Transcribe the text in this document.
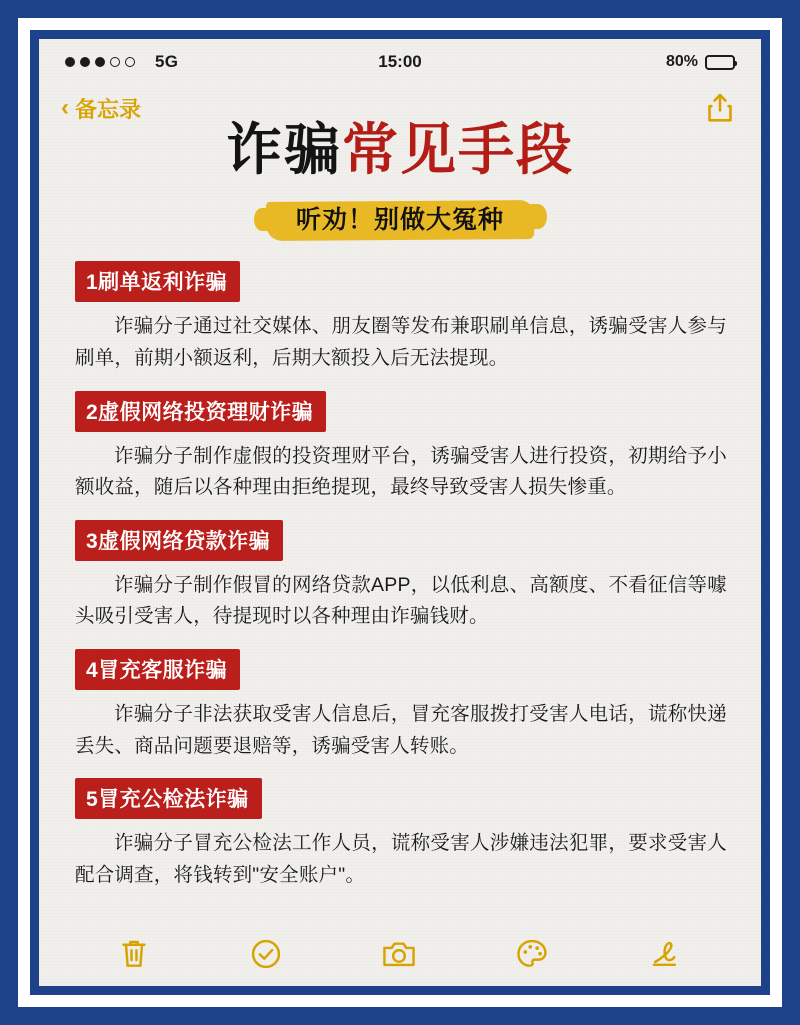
5G	15:00	80%
‹ 备忘录
诈骗常见手段
听劝！别做大冤种
1刷单返利诈骗
诈骗分子通过社交媒体、朋友圈等发布兼职刷单信息，诱骗受害人参与刷单，前期小额返利，后期大额投入后无法提现。
2虚假网络投资理财诈骗
诈骗分子制作虚假的投资理财平台，诱骗受害人进行投资，初期给予小额收益，随后以各种理由拒绝提现，最终导致受害人损失惨重。
3虚假网络贷款诈骗
诈骗分子制作假冒的网络贷款APP，以低利息、高额度、不看征信等噱头吸引受害人，待提现时以各种理由诈骗钱财。
4冒充客服诈骗
诈骗分子非法获取受害人信息后，冒充客服拨打受害人电话，谎称快递丢失、商品问题要退赔等，诱骗受害人转账。
5冒充公检法诈骗
诈骗分子冒充公检法工作人员，谎称受害人涉嫌违法犯罪，要求受害人配合调查，将钱转到"安全账户"。
